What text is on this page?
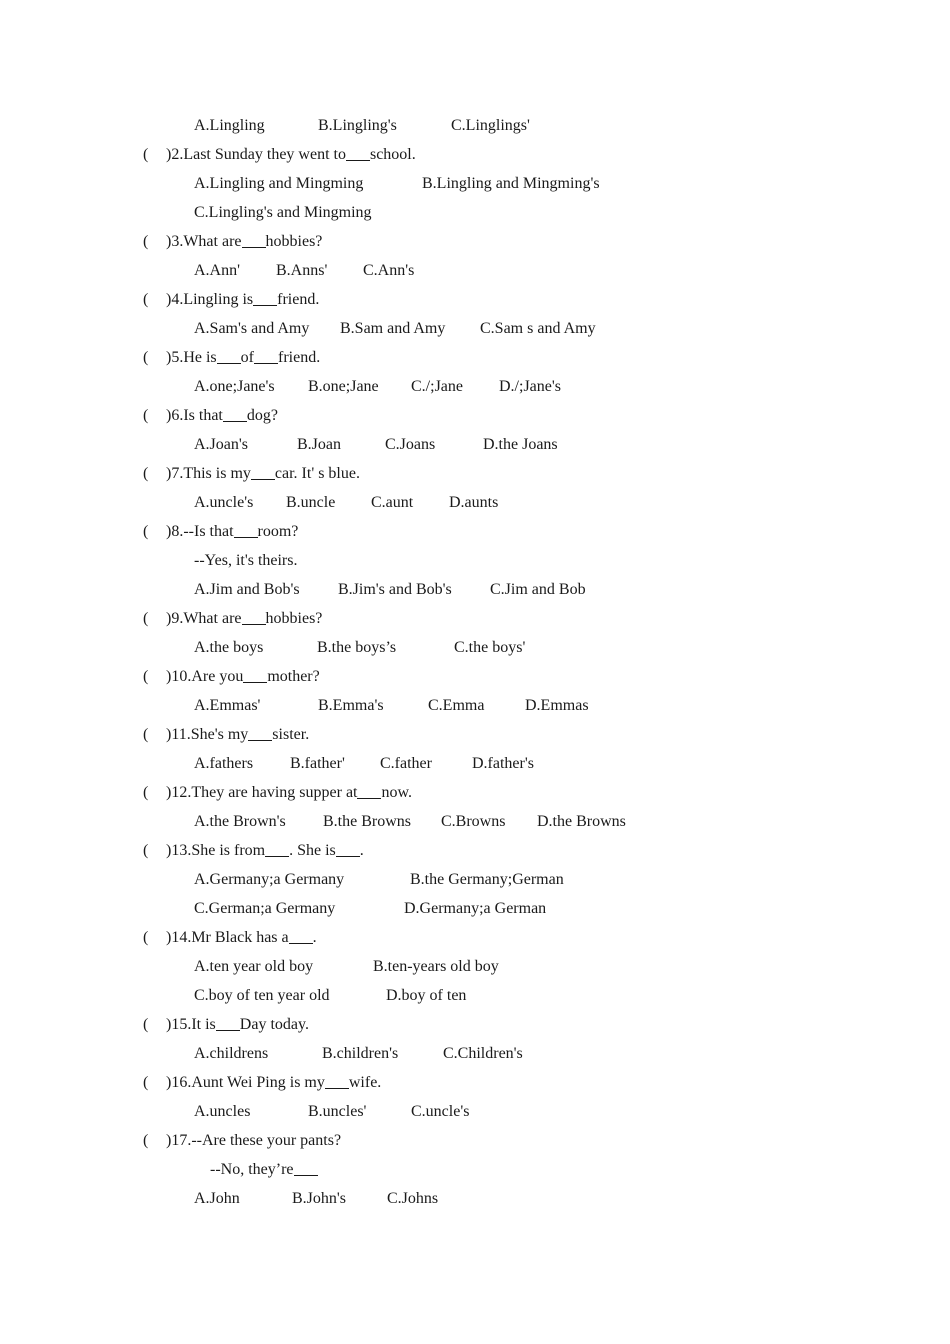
A.Lingling	B.Lingling's	C.Linglings'
( )2.Last Sunday they went to school.
A.Lingling and Mingming	B.Lingling and Mingming's
C.Lingling's and Mingming
( )3.What are hobbies?
A.Ann' B.Anns' C.Ann's
( )4.Lingling is friend.
A.Sam's and Amy B.Sam and Amy C.Sam s and Amy
( )5.He is of friend.
A.one;Jane's B.one;Jane C./;Jane D./;Jane's
( )6.Is that dog?
A.Joan's	B.Joan	C.Joans	D.the Joans
( )7.This is my car. It' s blue.
A.uncle's B.uncle C.aunt D.aunts
( )8.--Is that room?
--Yes, it's theirs.
A.Jim and Bob's B.Jim's and Bob's C.Jim and Bob
( )9.What are hobbies?
A.the boys	B.the boys’s	C.the boys'
( )10.Are you mother?
A.Emmas'	B.Emma's	C.Emma	D.Emmas
( )11.She's my sister.
A.fathers B.father' C.father	D.father's
( )12.They are having supper at now.
A.the Brown's B.the Browns C.Browns D.the Browns
( )13.She is from . She is .
A.Germany;a Germany	B.the Germany;German
C.German;a Germany	D.Germany;a German
( )14.Mr Black has a .
A.ten year old boy	B.ten-years old boy
C.boy of ten year old	D.boy of ten
( )15.It is Day today.
A.childrens	B.children's	C.Children's
( )16.Aunt Wei Ping is my wife.
A.uncles	B.uncles'	C.uncle's
( )17.--Are these your pants?
--No, they’re
A.John	B.John's	C.Johns
